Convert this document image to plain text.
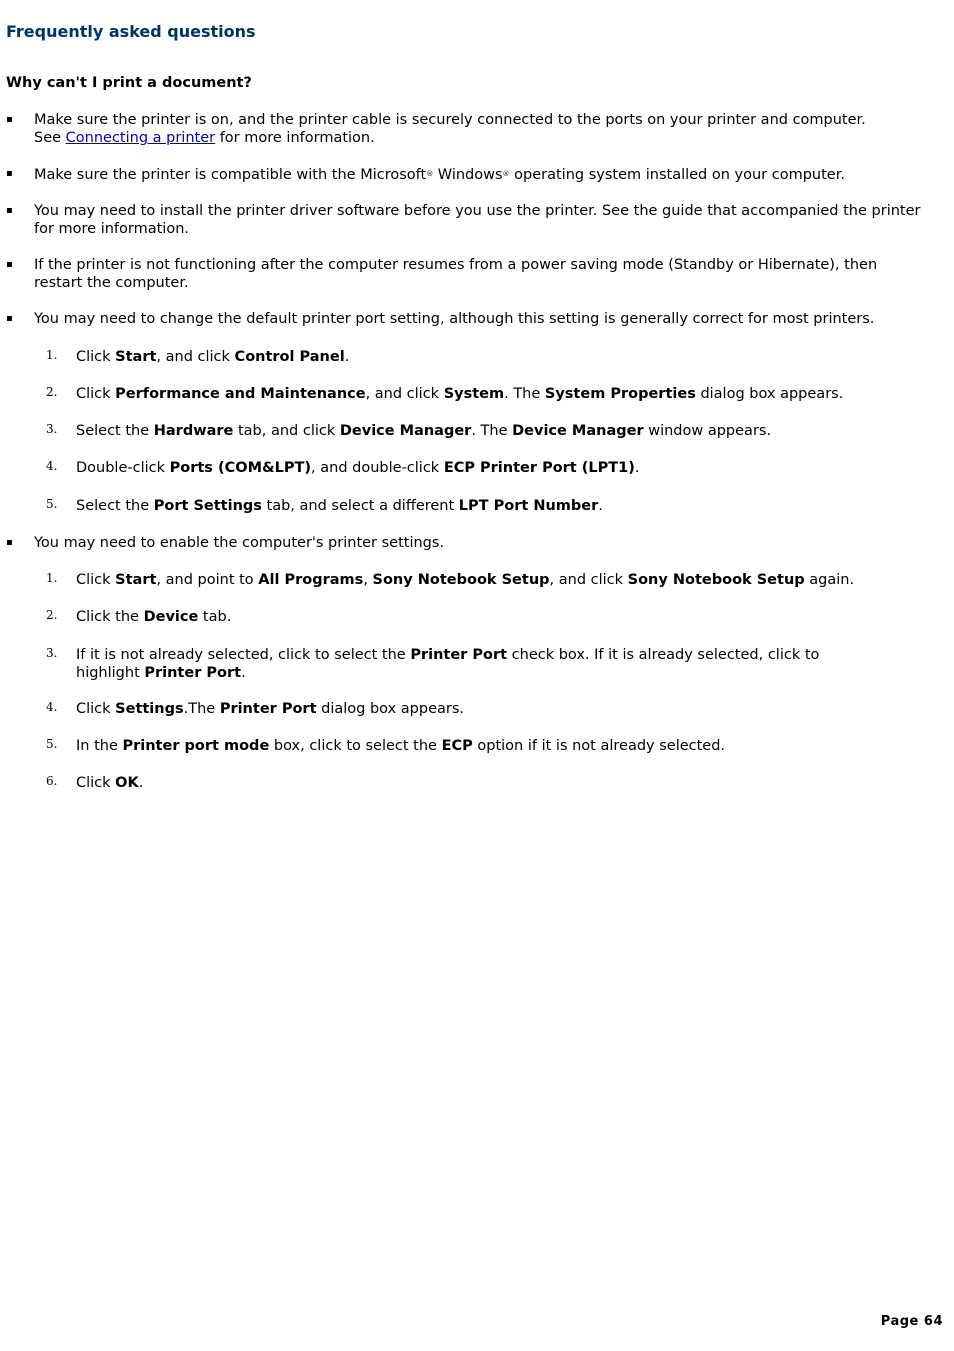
Frequently asked questions
Why can't I print a document?
▪ Make sure the printer is on, and the printer cable is securely connected to the ports on your printer and computer.
See Connecting a printer for more information.
▪ Make sure the printer is compatible with the Microsoft® Windows® operating system installed on your computer.
▪ You may need to install the printer driver software before you use the printer. See the guide that accompanied the printer for more information.
▪ If the printer is not functioning after the computer resumes from a power saving mode (Standby or Hibernate), then restart the computer.
▪ You may need to change the default printer port setting, although this setting is generally correct for most printers.
1. Click Start, and click Control Panel.
2. Click Performance and Maintenance, and click System. The System Properties dialog box appears.
3. Select the Hardware tab, and click Device Manager. The Device Manager window appears.
4. Double-click Ports (COM&LPT), and double-click ECP Printer Port (LPT1).
5. Select the Port Settings tab, and select a different LPT Port Number.
▪ You may need to enable the computer's printer settings.
1. Click Start, and point to All Programs, Sony Notebook Setup, and click Sony Notebook Setup again.
2. Click the Device tab.
3. If it is not already selected, click to select the Printer Port check box. If it is already selected, click to highlight Printer Port.
4. Click Settings.The Printer Port dialog box appears.
5. In the Printer port mode box, click to select the ECP option if it is not already selected.
6. Click OK.
Page 64
